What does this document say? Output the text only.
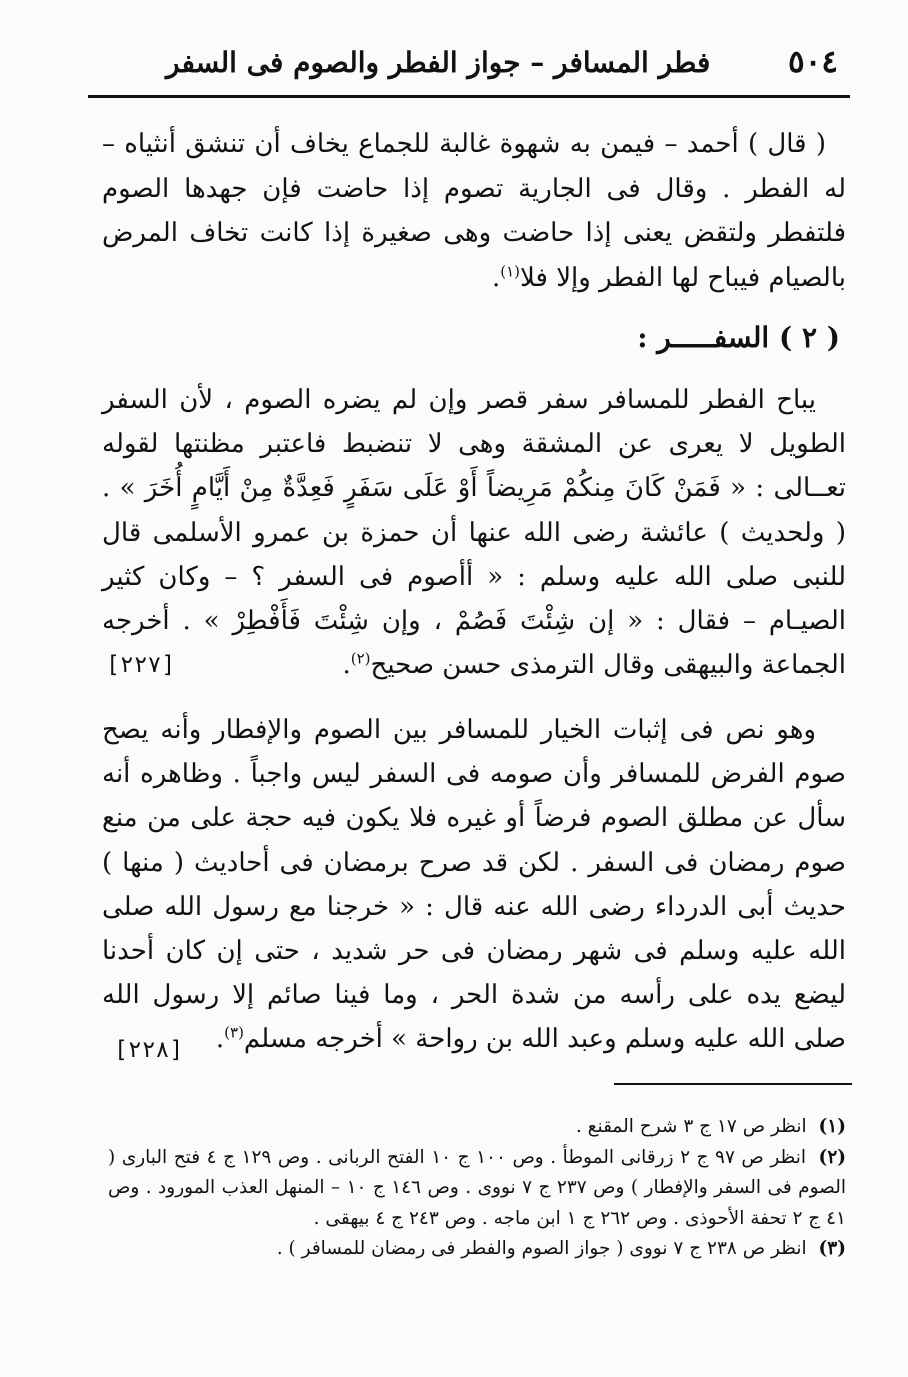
٥٠٤
فطر المسافر – جواز الفطر والصوم فى السفر

( قال ) أحمد – فيمن به شهوة غالبة للجماع يخاف أن تنشق أنثياه – له الفطر . وقال فى الجارية تصوم إذا حاضت فإن جهدها الصوم فلتفطر ولتقض يعنى إذا حاضت وهى صغيرة إذا كانت تخاف المرض بالصيام فيباح لها الفطر وإلا فلا$^{(١)}$.

( ٢ ) السفـــــر :

يباح الفطر للمسافر سفر قصر وإن لم يضره الصوم ، لأن السفر الطويل لا يعرى عن المشقة وهى لا تنضبط فاعتبر مظنتها لقوله تعــالى : « فَمَنْ كَانَ مِنكُمْ مَرِيضاً أَوْ عَلَى سَفَرٍ فَعِدَّةٌ مِنْ أَيَّامٍ أُخَرَ » . ( ولحديث ) عائشة رضى الله عنها أن حمزة بن عمرو الأسلمى قال للنبى صلى الله عليه وسلم : « أأصوم فى السفر ؟ – وكان كثير الصيـام – فقال : « إن شِئْتَ فَصُمْ ، وإن شِئْتَ فَأَفْطِرْ » . أخرجه الجماعة والبيهقى وقال الترمذى حسن صحيح$^{(٢)}$.
[٢٢٧]

وهو نص فى إثبات الخيار للمسافر بين الصوم والإفطار وأنه يصح صوم الفرض للمسافر وأن صومه فى السفر ليس واجباً . وظاهره أنه سأل عن مطلق الصوم فرضاً أو غيره فلا يكون فيه حجة على من منع صوم رمضان فى السفر . لكن قد صرح برمضان فى أحاديث ( منها ) حديث أبى الدرداء رضى الله عنه قال : « خرجنا مع رسول الله صلى الله عليه وسلم فى شهر رمضان فى حر شديد ، حتى إن كان أحدنا ليضع يده على رأسه من شدة الحر ، وما فينا صائم إلا رسول الله صلى الله عليه وسلم وعبد الله بن رواحة » أخرجه مسلم$^{(٣)}$.

[٢٢٨]

(١) انظر ص ١٧ ج ٣ شرح المقنع .

(٢) انظر ص ٩٧ ج ٢ زرقانى الموطأ . وص ١٠٠ ج ١٠ الفتح الربانى . وص ١٢٩ ج ٤ فتح البارى ( الصوم فى السفر والإفطار ) وص ٢٣٧ ج ٧ نووى . وص ١٤٦ ج ١٠ – المنهل العذب المورود . وص ٤١ ج ٢ تحفة الأحوذى . وص ٢٦٢ ج ١ ابن ماجه . وص ٢٤٣ ج ٤ بيهقى .

(٣) انظر ص ٢٣٨ ج ٧ نووى ( جواز الصوم والفطر فى رمضان للمسافر ) .
